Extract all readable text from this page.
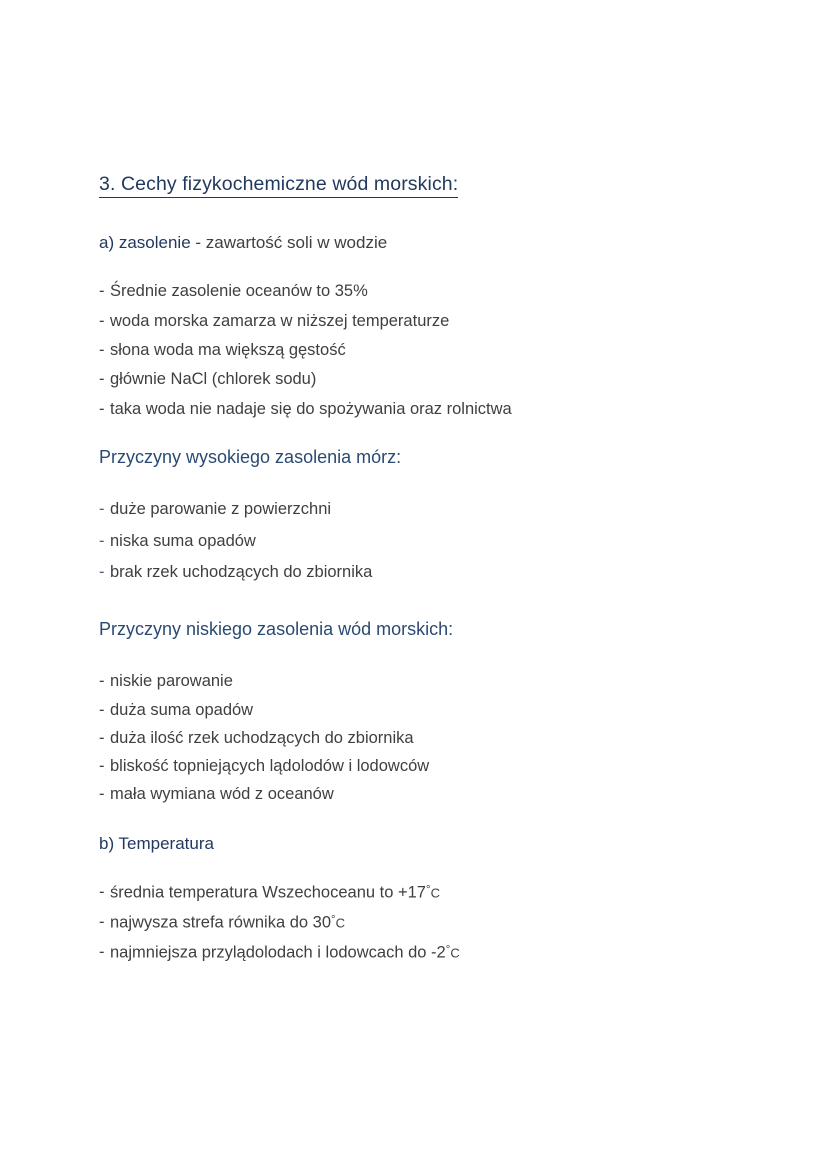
3. Cechy fizykochemiczne wód morskich:
a) zasolenie - zawartość soli w wodzie
- Średnie zasolenie oceanów to 35%
- woda morska zamarza w niższej temperaturze
- słona woda ma większą gęstość
- głównie NaCl (chlorek sodu)
- taka woda nie nadaje się do spożywania oraz rolnictwa
Przyczyny wysokiego zasolenia mórz:
- duże parowanie z powierzchni
- niska suma opadów
- brak rzek uchodzących do zbiornika
Przyczyny niskiego zasolenia wód morskich:
- niskie parowanie
- duża suma opadów
- duża ilość rzek uchodzących do zbiornika
- bliskość topniejących lądolodów i lodowców
- mała wymiana wód z oceanów
b) Temperatura
- średnia temperatura Wszechoceanu to +17°C
- najwysza strefa równika do 30°C
- najmniejsza przylądolodach i lodowcach do -2°C
